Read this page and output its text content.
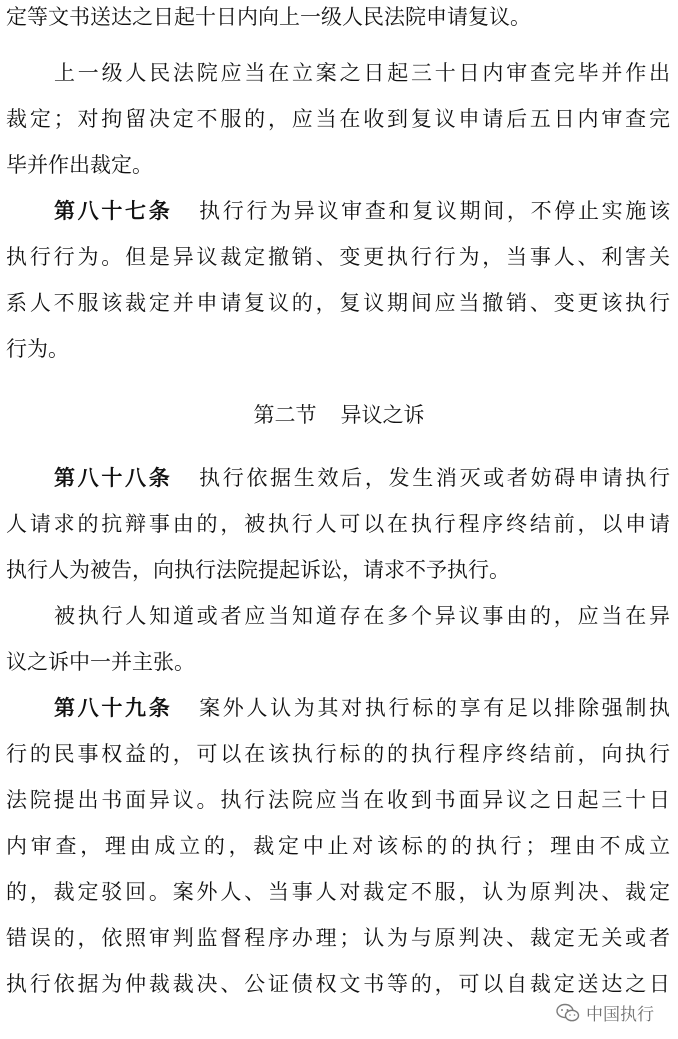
定等文书送达之日起十日内向上一级人民法院申请复议。
上一级人民法院应当在立案之日起三十日内审查完毕并作出
裁定；对拘留决定不服的，应当在收到复议申请后五日内审查完
毕并作出裁定。
第八十七条 执行行为异议审查和复议期间，不停止实施该
执行行为。但是异议裁定撤销、变更执行行为，当事人、利害关
系人不服该裁定并申请复议的，复议期间应当撤销、变更该执行
行为。
第二节 异议之诉
第八十八条 执行依据生效后，发生消灭或者妨碍申请执行
人请求的抗辩事由的，被执行人可以在执行程序终结前，以申请
执行人为被告，向执行法院提起诉讼，请求不予执行。
被执行人知道或者应当知道存在多个异议事由的，应当在异
议之诉中一并主张。
第八十九条 案外人认为其对执行标的享有足以排除强制执
行的民事权益的，可以在该执行标的的执行程序终结前，向执行
法院提出书面异议。执行法院应当在收到书面异议之日起三十日
内审查，理由成立的，裁定中止对该标的的执行；理由不成立
的，裁定驳回。案外人、当事人对裁定不服，认为原判决、裁定
错误的，依照审判监督程序办理；认为与原判决、裁定无关或者
执行依据为仲裁裁决、公证债权文书等的，可以自裁定送达之日
中国执行
